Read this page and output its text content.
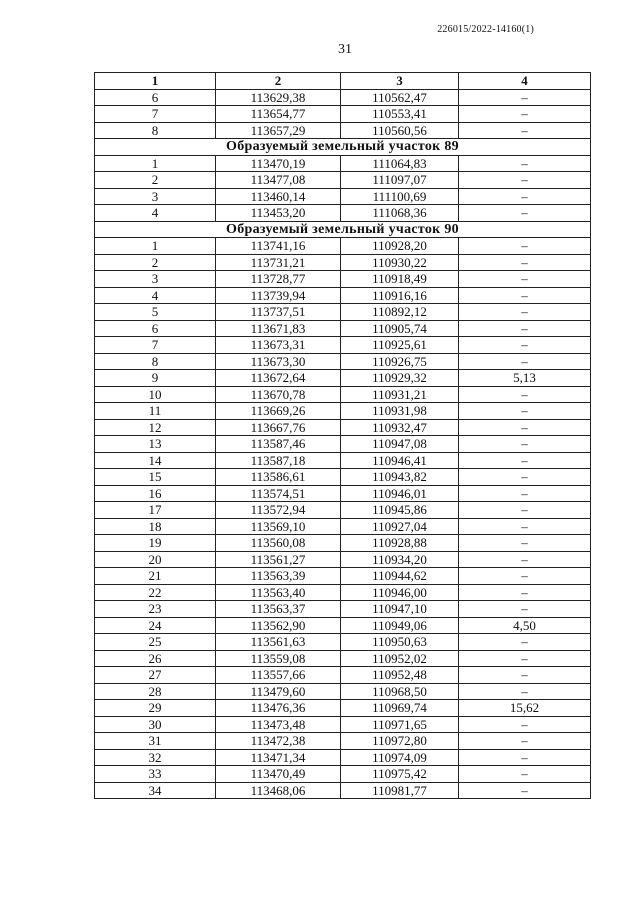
226015/2022-14160(1)
31
1	2	3	4
6	113629,38	110562,47	–
7	113654,77	110553,41	–
8	113657,29	110560,56	–
Образуемый земельный участок 89			
1	113470,19	111064,83	–
2	113477,08	111097,07	–
3	113460,14	111100,69	–
4	113453,20	111068,36	–
Образуемый земельный участок 90			
1	113741,16	110928,20	–
2	113731,21	110930,22	–
3	113728,77	110918,49	–
4	113739,94	110916,16	–
5	113737,51	110892,12	–
6	113671,83	110905,74	–
7	113673,31	110925,61	–
8	113673,30	110926,75	–
9	113672,64	110929,32	5,13
10	113670,78	110931,21	–
11	113669,26	110931,98	–
12	113667,76	110932,47	–
13	113587,46	110947,08	–
14	113587,18	110946,41	–
15	113586,61	110943,82	–
16	113574,51	110946,01	–
17	113572,94	110945,86	–
18	113569,10	110927,04	–
19	113560,08	110928,88	–
20	113561,27	110934,20	–
21	113563,39	110944,62	–
22	113563,40	110946,00	–
23	113563,37	110947,10	–
24	113562,90	110949,06	4,50
25	113561,63	110950,63	–
26	113559,08	110952,02	–
27	113557,66	110952,48	–
28	113479,60	110968,50	–
29	113476,36	110969,74	15,62
30	113473,48	110971,65	–
31	113472,38	110972,80	–
32	113471,34	110974,09	–
33	113470,49	110975,42	–
34	113468,06	110981,77	–
